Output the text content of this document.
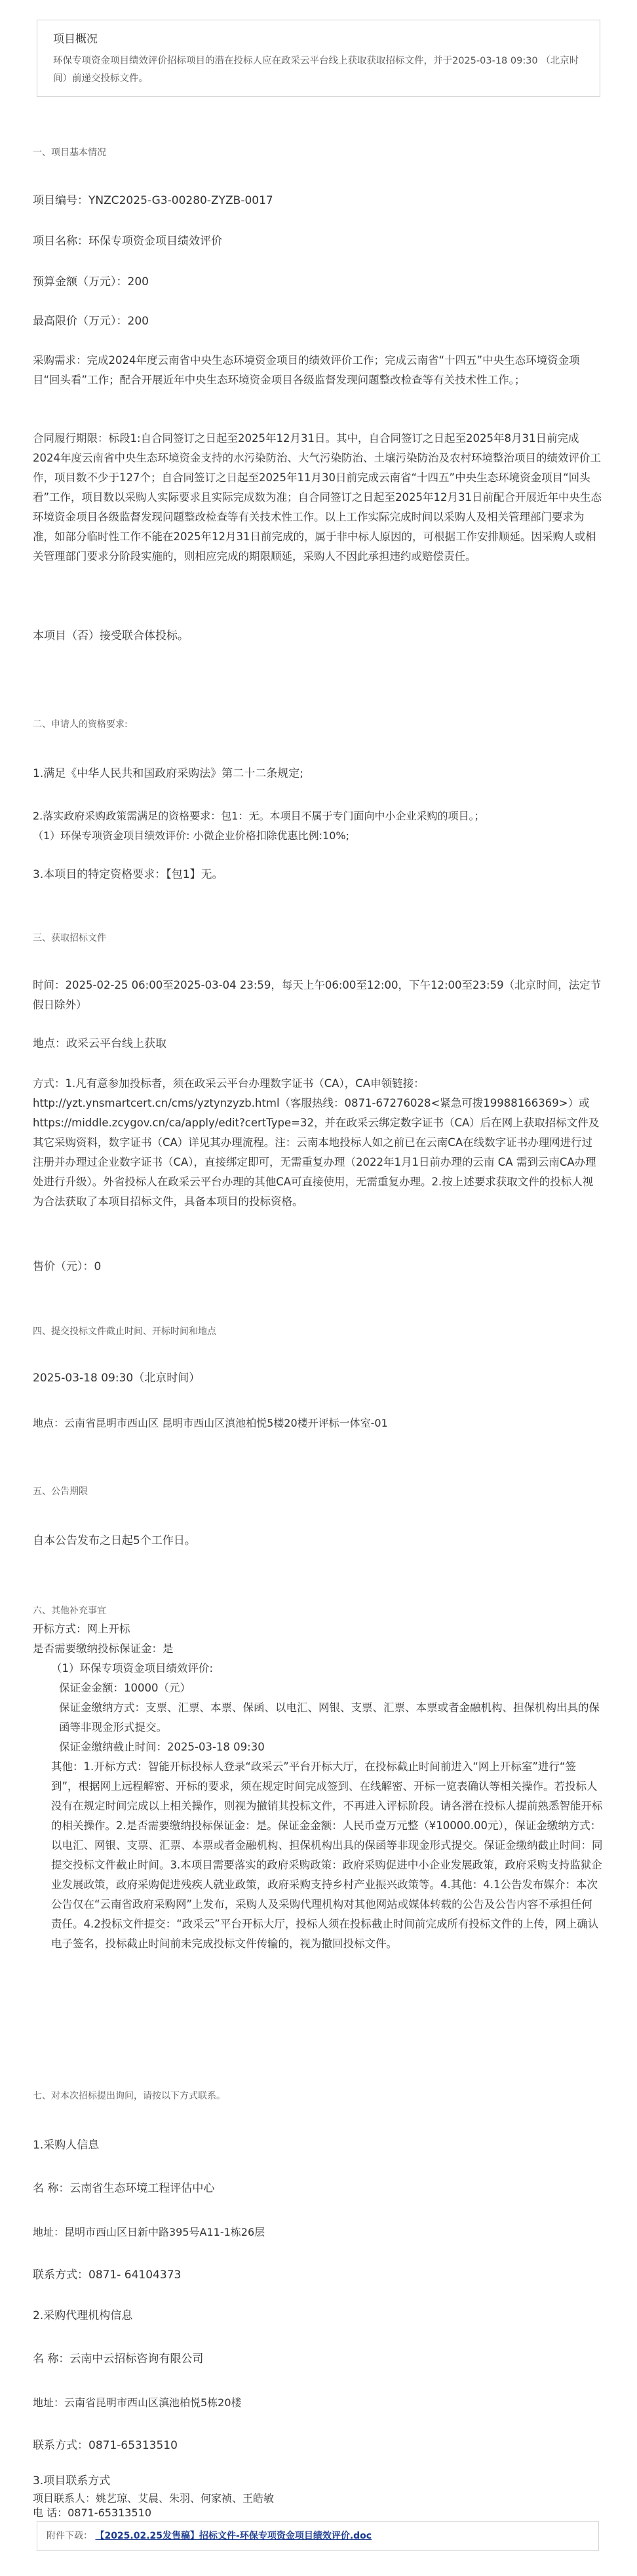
项目概况
环保专项资金项目绩效评价招标项目的潜在投标人应在政采云平台线上获取获取招标文件，并于2025-03-18 09:30 （北京时间）前递交投标文件。
一、项目基本情况
项目编号：YNZC2025-G3-00280-ZYZB-0017
项目名称：环保专项资金项目绩效评价
预算金额（万元）：200
最高限价（万元）：200
采购需求：完成2024年度云南省中央生态环境资金项目的绩效评价工作；完成云南省“十四五”中央生态环境资金项目“回头看”工作；配合开展近年中央生态环境资金项目各级监督发现问题整改检查等有关技术性工作。；
合同履行期限：标段1:自合同签订之日起至2025年12月31日。其中，自合同签订之日起至2025年8月31日前完成2024年度云南省中央生态环境资金支持的水污染防治、大气污染防治、土壤污染防治及农村环境整治项目的绩效评价工作，项目数不少于127个；自合同签订之日起至2025年11月30日前完成云南省“十四五”中央生态环境资金项目“回头看”工作，项目数以采购人实际要求且实际完成数为准；自合同签订之日起至2025年12月31日前配合开展近年中央生态环境资金项目各级监督发现问题整改检查等有关技术性工作。以上工作实际完成时间以采购人及相关管理部门要求为准，如部分临时性工作不能在2025年12月31日前完成的，属于非中标人原因的，可根据工作安排顺延。因采购人或相关管理部门要求分阶段实施的，则相应完成的期限顺延，采购人不因此承担违约或赔偿责任。
本项目（否）接受联合体投标。
二、申请人的资格要求:
1.满足《中华人民共和国政府采购法》第二十二条规定;
2.落实政府采购政策需满足的资格要求：包1：无。本项目不属于专门面向中小企业采购的项目。；
（1）环保专项资金项目绩效评价: 小微企业价格扣除优惠比例:10%;
3.本项目的特定资格要求：【包1】无。
三、获取招标文件
时间：2025-02-25 06:00至2025-03-04 23:59，每天上午06:00至12:00，下午12:00至23:59（北京时间，法定节假日除外）
地点：政采云平台线上获取
方式：1.凡有意参加投标者，须在政采云平台办理数字证书（CA），CA申领链接：http://yzt.ynsmartcert.cn/cms/yztynzyzb.html（客服热线：0871-67276028<紧急可拨19988166369>）或https://middle.zcygov.cn/ca/apply/edit?certType=32，并在政采云绑定数字证书（CA）后在网上获取招标文件及其它采购资料，数字证书（CA）详见其办理流程。注：云南本地投标人如之前已在云南CA在线数字证书办理网进行过注册并办理过企业数字证书（CA），直接绑定即可，无需重复办理（2022年1月1日前办理的云南 CA 需到云南CA办理处进行升级）。外省投标人在政采云平台办理的其他CA可直接使用，无需重复办理。2.按上述要求获取文件的投标人视为合法获取了本项目招标文件，具备本项目的投标资格。
售价（元）：0
四、提交投标文件截止时间、开标时间和地点
2025-03-18 09:30（北京时间）
地点：云南省昆明市西山区 昆明市西山区滇池柏悦5楼20楼开评标一体室-01
五、公告期限
自本公告发布之日起5个工作日。
六、其他补充事宜
开标方式：网上开标
是否需要缴纳投标保证金：是
（1）环保专项资金项目绩效评价:
保证金金额：10000（元）
保证金缴纳方式：支票、汇票、本票、保函、以电汇、网银、支票、汇票、本票或者金融机构、担保机构出具的保函等非现金形式提交。
保证金缴纳截止时间：2025-03-18 09:30
其他：1.开标方式：智能开标投标人登录“政采云”平台开标大厅，在投标截止时间前进入“网上开标室”进行“签到”，根据网上远程解密、开标的要求，须在规定时间完成签到、在线解密、开标一览表确认等相关操作。若投标人没有在规定时间完成以上相关操作，则视为撤销其投标文件，不再进入评标阶段。请各潜在投标人提前熟悉智能开标的相关操作。2.是否需要缴纳投标保证金：是。保证金金额：人民币壹万元整（¥10000.00元），保证金缴纳方式：以电汇、网银、支票、汇票、本票或者金融机构、担保机构出具的保函等非现金形式提交。保证金缴纳截止时间：同提交投标文件截止时间。3.本项目需要落实的政府采购政策：政府采购促进中小企业发展政策，政府采购支持监狱企业发展政策，政府采购促进残疾人就业政策，政府采购支持乡村产业振兴政策等。4.其他：4.1公告发布媒介：本次公告仅在“云南省政府采购网”上发布，采购人及采购代理机构对其他网站或媒体转载的公告及公告内容不承担任何责任。4.2投标文件提交：“政采云”平台开标大厅，投标人须在投标截止时间前完成所有投标文件的上传，网上确认电子签名，投标截止时间前未完成投标文件传输的，视为撤回投标文件。
七、对本次招标提出询问，请按以下方式联系。
1.采购人信息
名 称：云南省生态环境工程评估中心
地址：昆明市西山区日新中路395号A11-1栋26层
联系方式：0871- 64104373
2.采购代理机构信息
名 称：云南中云招标咨询有限公司
地址：云南省昆明市西山区滇池柏悦5栋20楼
联系方式：0871-65313510
3.项目联系方式
附件下载： 【2025.02.25发售稿】招标文件-环保专项资金项目绩效评价.doc
项目联系人：姚艺琼、艾晨、朱羽、何家祯、王皓敏
电 话：0871-65313510
